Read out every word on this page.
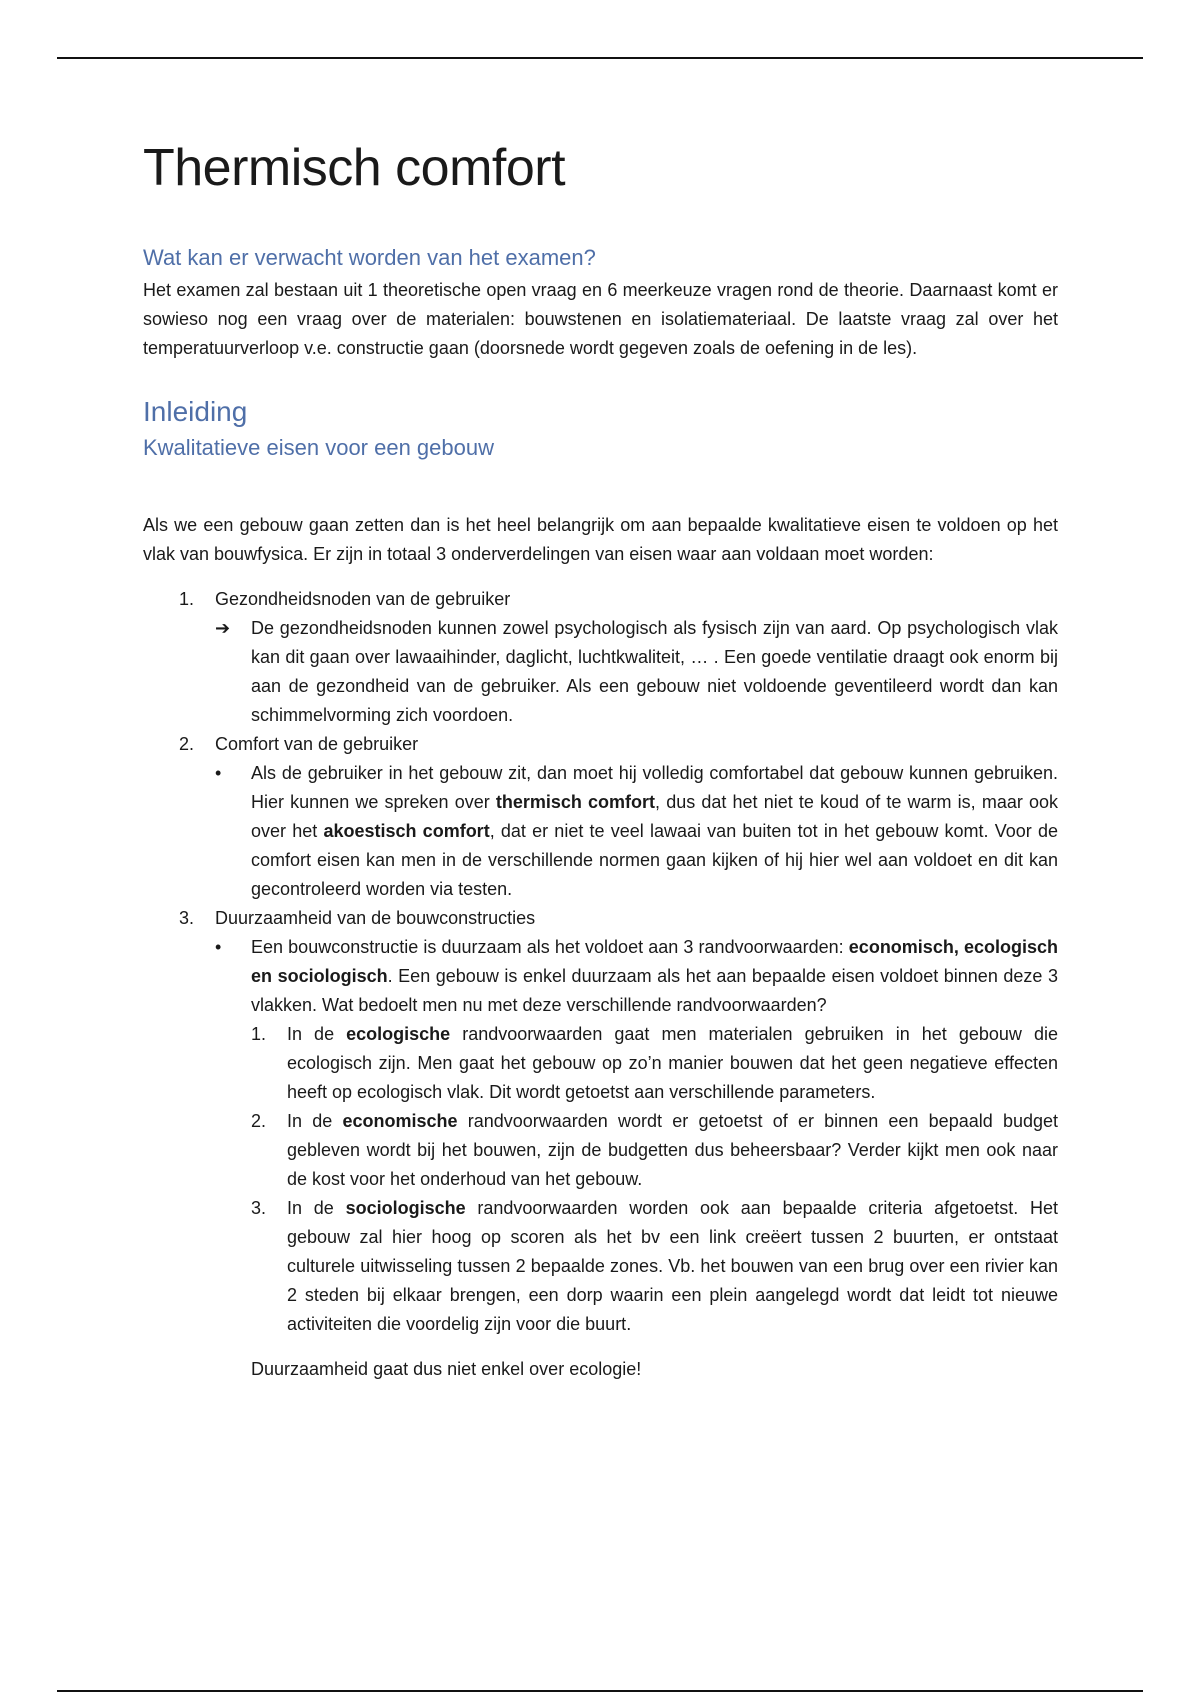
Thermisch comfort
Wat kan er verwacht worden van het examen?

Het examen zal bestaan uit 1 theoretische open vraag en 6 meerkeuze vragen rond de theorie. Daarnaast komt er sowieso nog een vraag over de materialen: bouwstenen en isolatiemateriaal. De laatste vraag zal over het temperatuurverloop v.e. constructie gaan (doorsnede wordt gegeven zoals de oefening in de les).

Inleiding
Kwalitatieve eisen voor een gebouw

Als we een gebouw gaan zetten dan is het heel belangrijk om aan bepaalde kwalitatieve eisen te voldoen op het vlak van bouwfysica. Er zijn in totaal 3 onderverdelingen van eisen waar aan voldaan moet worden:

1. Gezondheidsnoden van de gebruiker

➔	De gezondheidsnoden kunnen zowel psychologisch als fysisch zijn van aard. Op psychologisch vlak kan dit gaan over lawaaihinder, daglicht, luchtkwaliteit, … . Een goede ventilatie draagt ook enorm bij aan de gezondheid van de gebruiker. Als een gebouw niet voldoende geventileerd wordt dan kan schimmelvorming zich voordoen.

2. Comfort van de gebruiker

•	Als de gebruiker in het gebouw zit, dan moet hij volledig comfortabel dat gebouw kunnen gebruiken. Hier kunnen we spreken over thermisch comfort, dus dat het niet te koud of te warm is, maar ook over het akoestisch comfort, dat er niet te veel lawaai van buiten tot in het gebouw komt. Voor de comfort eisen kan men in de verschillende normen gaan kijken of hij hier wel aan voldoet en dit kan gecontroleerd worden via testen.

3. Duurzaamheid van de bouwconstructies

•	Een bouwconstructie is duurzaam als het voldoet aan 3 randvoorwaarden: economisch, ecologisch en sociologisch. Een gebouw is enkel duurzaam als het aan bepaalde eisen voldoet binnen deze 3 vlakken. Wat bedoelt men nu met deze verschillende randvoorwaarden?

1. In de ecologische randvoorwaarden gaat men materialen gebruiken in het gebouw die ecologisch zijn. Men gaat het gebouw op zo’n manier bouwen dat het geen negatieve effecten heeft op ecologisch vlak. Dit wordt getoetst aan verschillende parameters.

2. In de economische randvoorwaarden wordt er getoetst of er binnen een bepaald budget gebleven wordt bij het bouwen, zijn de budgetten dus beheersbaar? Verder kijkt men ook naar de kost voor het onderhoud van het gebouw.

3. In de sociologische randvoorwaarden worden ook aan bepaalde criteria afgetoetst. Het gebouw zal hier hoog op scoren als het bv een link creëert tussen 2 buurten, er ontstaat culturele uitwisseling tussen 2 bepaalde zones. Vb. het bouwen van een brug over een rivier kan 2 steden bij elkaar brengen, een dorp waarin een plein aangelegd wordt dat leidt tot nieuwe activiteiten die voordelig zijn voor die buurt.

Duurzaamheid gaat dus niet enkel over ecologie!
